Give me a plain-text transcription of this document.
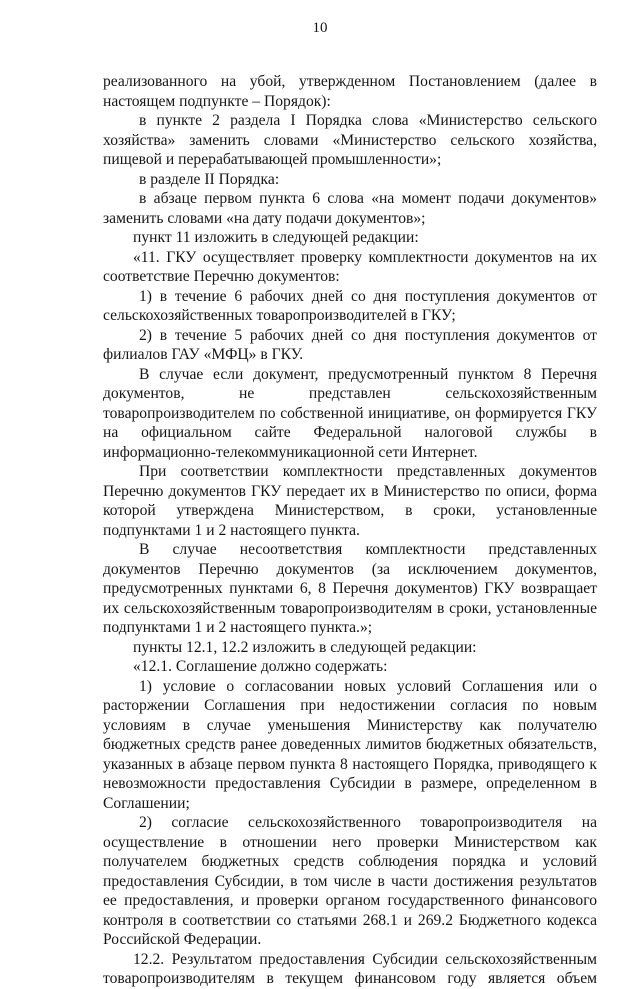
10

реализованного на убой, утвержденном Постановлением (далее в настоящем подпункте – Порядок):

в пункте 2 раздела I Порядка слова «Министерство сельского хозяйства» заменить словами «Министерство сельского хозяйства, пищевой и перерабатывающей промышленности»;

в разделе II Порядка:

в абзаце первом пункта 6 слова «на момент подачи документов» заменить словами «на дату подачи документов»;

пункт 11 изложить в следующей редакции:

«11. ГКУ осуществляет проверку комплектности документов на их соответствие Перечню документов:

1) в течение 6 рабочих дней со дня поступления документов от сельскохозяйственных товаропроизводителей в ГКУ;

2) в течение 5 рабочих дней со дня поступления документов от филиалов ГАУ «МФЦ» в ГКУ.

В случае если документ, предусмотренный пунктом 8 Перечня документов, не представлен сельскохозяйственным товаропроизводителем по собственной инициативе, он формируется ГКУ на официальном сайте Федеральной налоговой службы в информационно-телекоммуникационной сети Интернет.

При соответствии комплектности представленных документов Перечню документов ГКУ передает их в Министерство по описи, форма которой утверждена Министерством, в сроки, установленные подпунктами 1 и 2 настоящего пункта.

В случае несоответствия комплектности представленных документов Перечню документов (за исключением документов, предусмотренных пунктами 6, 8 Перечня документов) ГКУ возвращает их сельскохозяйственным товаропроизводителям в сроки, установленные подпунктами 1 и 2 настоящего пункта.»;

пункты 12.1, 12.2 изложить в следующей редакции:

«12.1. Соглашение должно содержать:

1) условие о согласовании новых условий Соглашения или о расторжении Соглашения при недостижении согласия по новым условиям в случае уменьшения Министерству как получателю бюджетных средств ранее доведенных лимитов бюджетных обязательств, указанных в абзаце первом пункта 8 настоящего Порядка, приводящего к невозможности предоставления Субсидии в размере, определенном в Соглашении;

2) согласие сельскохозяйственного товаропроизводителя на осуществление в отношении него проверки Министерством как получателем бюджетных средств соблюдения порядка и условий предоставления Субсидии, в том числе в части достижения результатов ее предоставления, и проверки органом государственного финансового контроля в соответствии со статьями 268.1 и 269.2 Бюджетного кодекса Российской Федерации.

12.2. Результатом предоставления Субсидии сельскохозяйственным товаропроизводителям в текущем финансовом году является объем
